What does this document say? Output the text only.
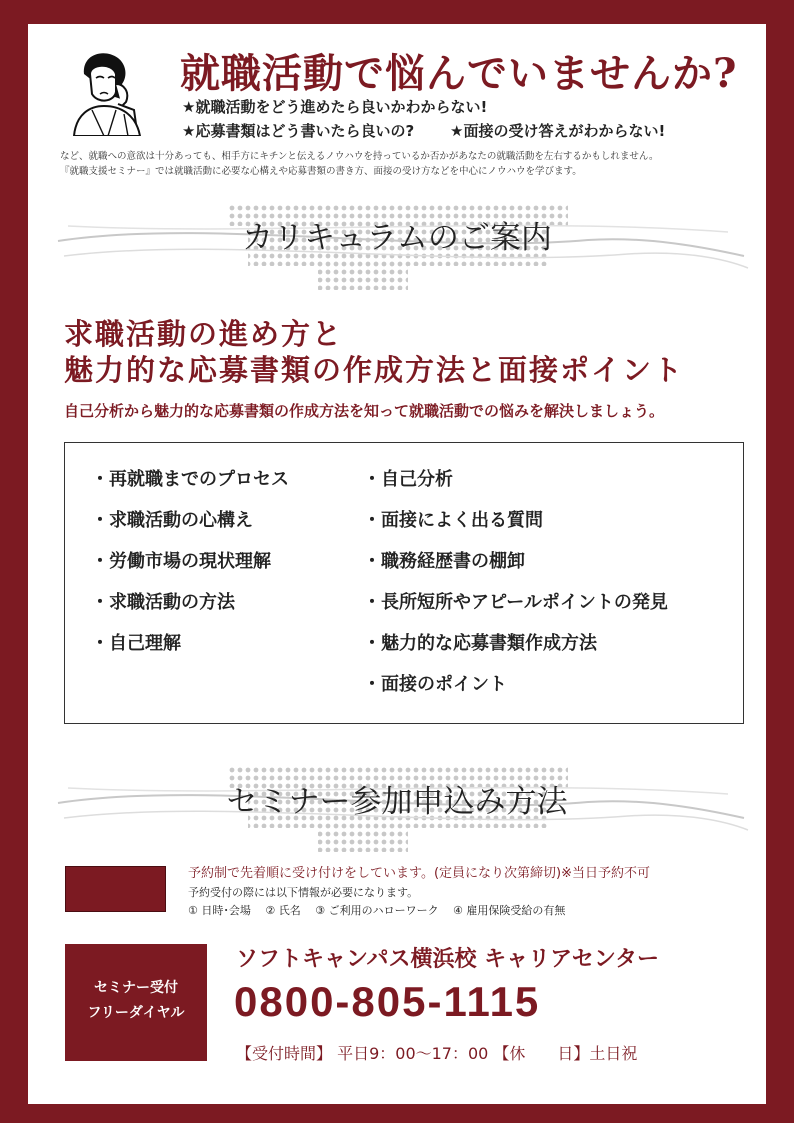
就職活動で悩んでいませんか?
★就職活動をどう進めたら良いかわからない!
★応募書類はどう書いたら良いの? ★面接の受け答えがわからない!
など、就職への意欲は十分あっても、相手方にキチンと伝えるノウハウを持っているか否かがあなたの就職活動を左右するかもしれません。
『就職支援セミナー』では就職活動に必要な心構えや応募書類の書き方、面接の受け方などを中心にノウハウを学びます。
カリキュラムのご案内
求職活動の進め方と
魅力的な応募書類の作成方法と面接ポイント
自己分析から魅力的な応募書類の作成方法を知って就職活動での悩みを解決しましょう。
・再就職までのプロセス
・求職活動の心構え
・労働市場の現状理解
・求職活動の方法
・自己理解
・自己分析
・面接によく出る質問
・職務経歴書の棚卸
・長所短所やアピールポイントの発見
・魅力的な応募書類作成方法
・面接のポイント
セミナー参加申込み方法
予約制で先着順に受け付けをしています。(定員になり次第締切)※当日予約不可
予約受付の際には以下情報が必要になります。
① 日時･会場　 ② 氏名　 ③ ご利用のハローワーク　 ④ 雇用保険受給の有無
セミナー受付
フリーダイヤル
ソフトキャンパス横浜校 キャリアセンター
0800-805-1115
【受付時間】 平日9：00〜17：00 【休　　日】土日祝
